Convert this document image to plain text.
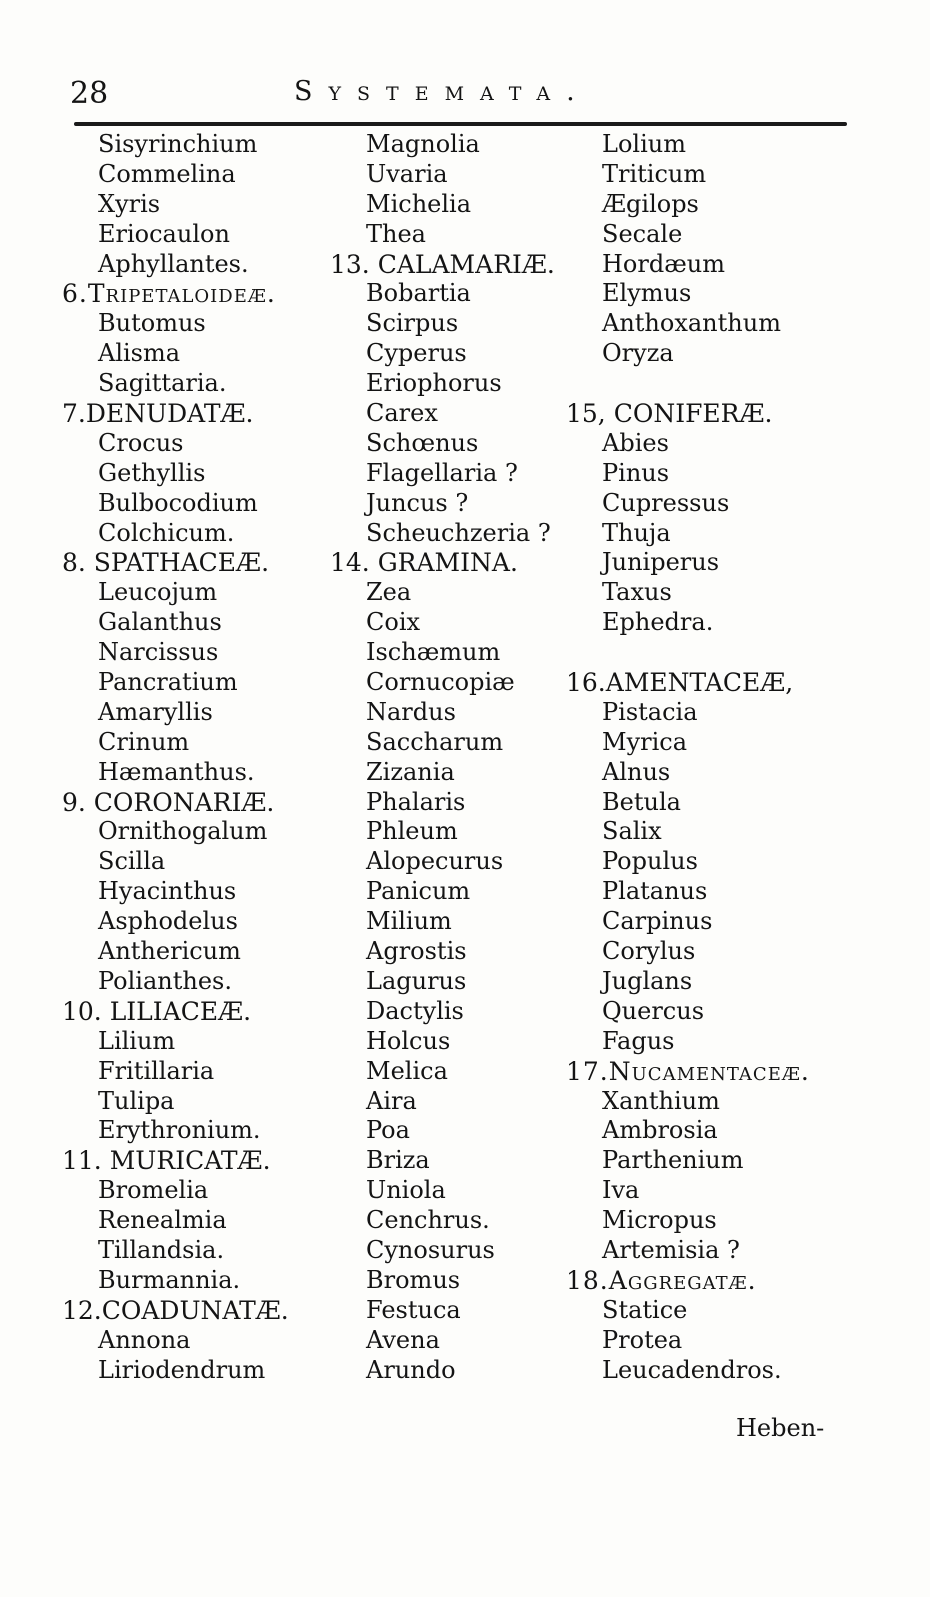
28	Systemata.
Sisyrinchium
Commelina
Xyris
Eriocaulon
Aphyllantes.
6.Tripetaloideæ.
Butomus
Alisma
Sagittaria.
7.DENUDATÆ.
Crocus
Gethyllis
Bulbocodium
Colchicum.
8. SPATHACEÆ.
Leucojum
Galanthus
Narcissus
Pancratium
Amaryllis
Crinum
Hæmanthus.
9. CORONARIÆ.
Ornithogalum
Scilla
Hyacinthus
Asphodelus
Anthericum
Polianthes.
10. LILIACEÆ.
Lilium
Fritillaria
Tulipa
Erythronium.
11. MURICATÆ.
Bromelia
Renealmia
Tillandsia.
Burmannia.
12.COADUNATÆ.
Annona
Liriodendrum
Magnolia
Uvaria
Michelia
Thea
13. CALAMARIÆ.
Bobartia
Scirpus
Cyperus
Eriophorus
Carex
Schœnus
Flagellaria ?
Juncus ?
Scheuchzeria ?
14. GRAMINA.
Zea
Coix
Ischæmum
Cornucopiæ
Nardus
Saccharum
Zizania
Phalaris
Phleum
Alopecurus
Panicum
Milium
Agrostis
Lagurus
Dactylis
Holcus
Melica
Aira
Poa
Briza
Uniola
Cenchrus.
Cynosurus
Bromus
Festuca
Avena
Arundo
Lolium
Triticum
Ægilops
Secale
Hordæum
Elymus
Anthoxanthum
Oryza
15, CONIFERÆ.
Abies
Pinus
Cupressus
Thuja
Juniperus
Taxus
Ephedra.
16.AMENTACEÆ,
Pistacia
Myrica
Alnus
Betula
Salix
Populus
Platanus
Carpinus
Corylus
Juglans
Quercus
Fagus
17.Nucamentaceæ.
Xanthium
Ambrosia
Parthenium
Iva
Micropus
Artemisia ?
18.Aggregatæ.
Statice
Protea
Leucadendros.
Heben-
